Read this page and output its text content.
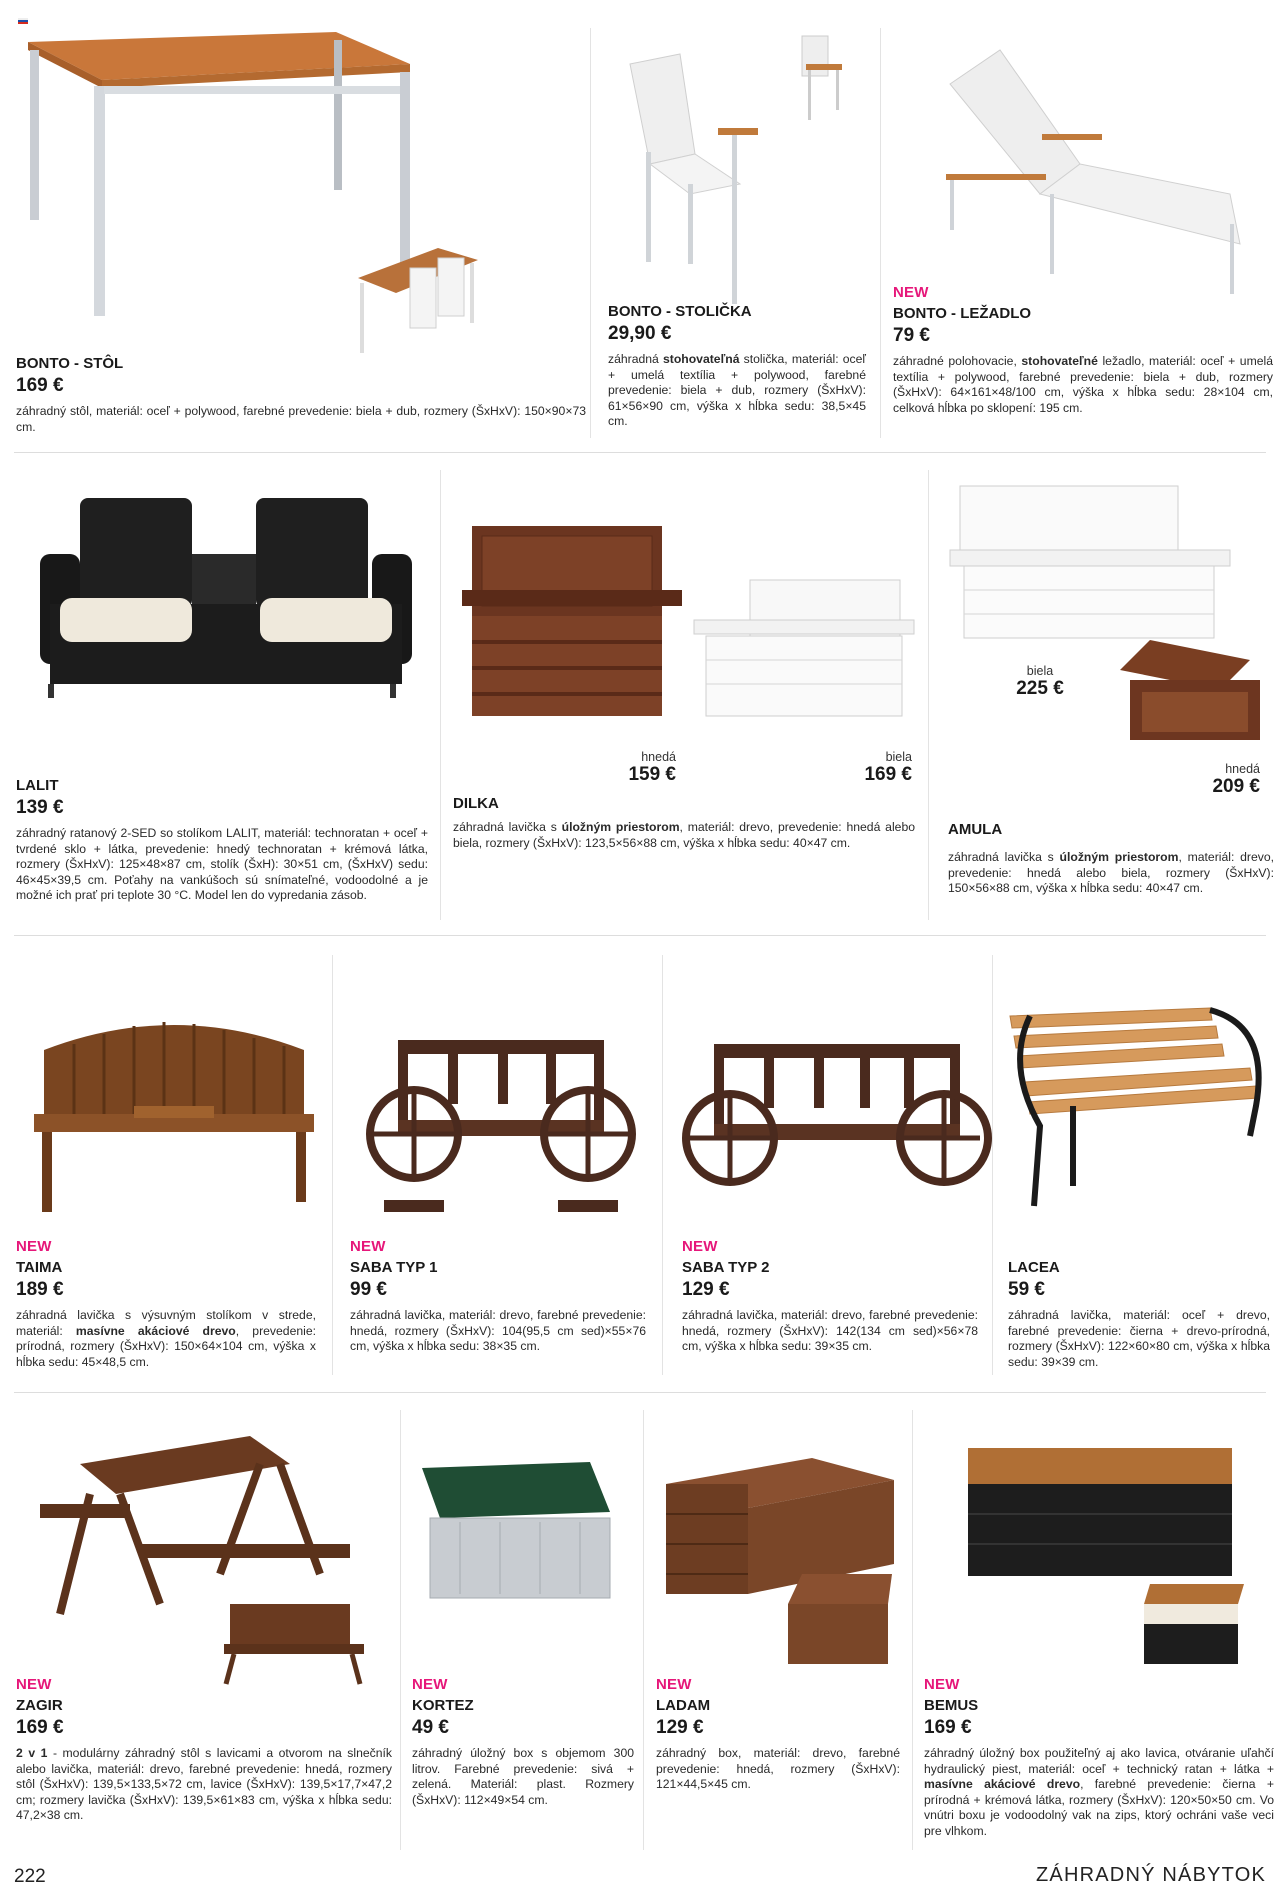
BONTO - STÔL
169 €

záhradný stôl, materiál: oceľ + polywood, farebné prevedenie: biela + dub, rozmery (ŠxHxV): 150×90×73 cm.

BONTO - STOLIČKA
29,90 €

záhradná stohovateľná stolička, materiál: oceľ + umelá textília + polywood, farebné prevedenie: biela + dub, rozmery (ŠxHxV): 61×56×90 cm, výška x hĺbka sedu: 38,5×45 cm.

NEW
BONTO - LEŽADLO
79 €

záhradné polohovacie, stohovateľné ležadlo, materiál: oceľ + umelá textília + polywood, farebné prevedenie: biela + dub, rozmery (ŠxHxV): 64×161×48/100 cm, výška x hĺbka sedu: 28×104 cm, celková hĺbka po sklopení: 195 cm.

LALIT
139 €

záhradný ratanový 2-SED so stolíkom LALIT, materiál: technoratan + oceľ + tvrdené sklo + látka, prevedenie: hnedý technoratan + krémová látka, rozmery (ŠxHxV): 125×48×87 cm, stolík (ŠxH): 30×51 cm, (ŠxHxV) sedu: 46×45×39,5 cm. Poťahy na vankúšoch sú snímateľné, vodoodolné a je možné ich prať pri teplote 30 °C. Model len do vypredania zásob.

hnedá
159 €
biela
169 €
DILKA

záhradná lavička s úložným priestorom, materiál: drevo, prevedenie: hnedá alebo biela, rozmery (ŠxHxV): 123,5×56×88 cm, výška x hĺbka sedu: 40×47 cm.

biela
225 €
hnedá
209 €
AMULA

záhradná lavička s úložným priestorom, materiál: drevo, prevedenie: hnedá alebo biela, rozmery (ŠxHxV): 150×56×88 cm, výška x hĺbka sedu: 40×47 cm.

NEW
TAIMA
189 €

záhradná lavička s výsuvným stolíkom v strede, materiál: masívne akáciové drevo, prevedenie: prírodná, rozmery (ŠxHxV): 150×64×104 cm, výška x hĺbka sedu: 45×48,5 cm.

NEW
SABA TYP 1
99 €

záhradná lavička, materiál: drevo, farebné prevedenie: hnedá, rozmery (ŠxHxV): 104(95,5 cm sed)×55×76 cm, výška x hĺbka sedu: 38×35 cm.

NEW
SABA TYP 2
129 €

záhradná lavička, materiál: drevo, farebné prevedenie: hnedá, rozmery (ŠxHxV): 142(134 cm sed)×56×78 cm, výška x hĺbka sedu: 39×35 cm.

LACEA
59 €

záhradná lavička, materiál: oceľ + drevo, farebné prevedenie: čierna + drevo-prírodná, rozmery (ŠxHxV): 122×60×80 cm, výška x hĺbka sedu: 39×39 cm.

NEW
ZAGIR
169 €

2 v 1 - modulárny záhradný stôl s lavicami a otvorom na slnečník alebo lavička, materiál: drevo, farebné prevedenie: hnedá, rozmery stôl (ŠxHxV): 139,5×133,5×72 cm, lavice (ŠxHxV): 139,5×17,7×47,2 cm; rozmery lavička (ŠxHxV): 139,5×61×83 cm, výška x hĺbka sedu: 47,2×38 cm.

NEW
KORTEZ
49 €

záhradný úložný box s objemom 300 litrov. Farebné prevedenie: sivá + zelená. Materiál: plast. Rozmery (ŠxHxV): 112×49×54 cm.

NEW
LADAM
129 €

záhradný box, materiál: drevo, farebné prevedenie: hnedá, rozmery (ŠxHxV): 121×44,5×45 cm.

NEW
BEMUS
169 €

záhradný úložný box použiteľný aj ako lavica, otváranie uľahčí hydraulický piest, materiál: oceľ + technický ratan + látka + masívne akáciové drevo, farebné prevedenie: čierna + prírodná + krémová látka, rozmery (ŠxHxV): 120×50×50 cm. Vo vnútri boxu je vodoodolný vak na zips, ktorý ochráni vaše veci pre vlhkom.

222	ZÁHRADNÝ NÁBYTOK
